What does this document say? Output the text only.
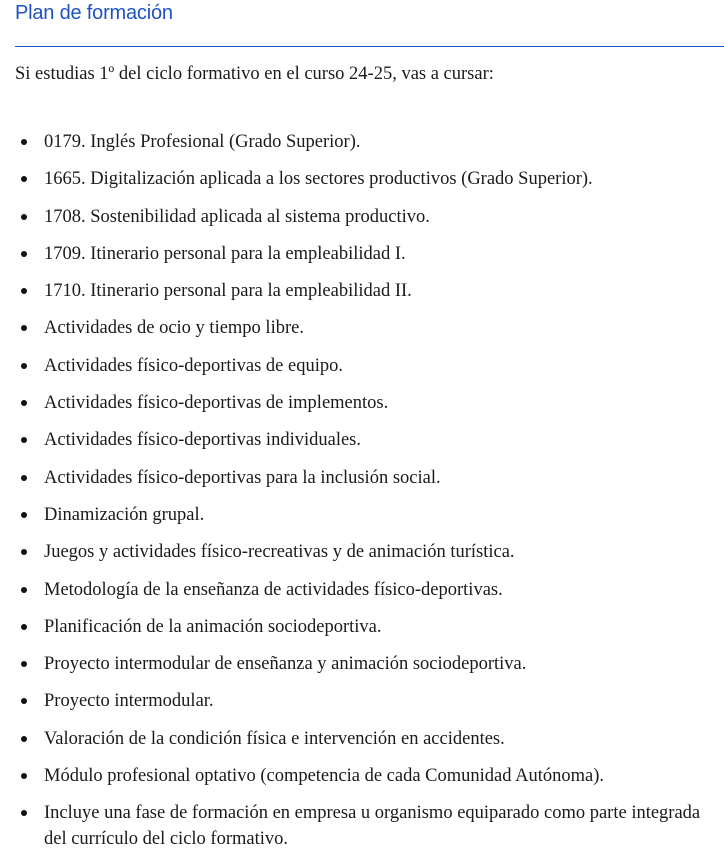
Plan de formación

Si estudias 1º del ciclo formativo en el curso 24-25, vas a cursar:

0179. Inglés Profesional (Grado Superior).
1665. Digitalización aplicada a los sectores productivos (Grado Superior).
1708. Sostenibilidad aplicada al sistema productivo.
1709. Itinerario personal para la empleabilidad I.
1710. Itinerario personal para la empleabilidad II.
Actividades de ocio y tiempo libre.
Actividades físico-deportivas de equipo.
Actividades físico-deportivas de implementos.
Actividades físico-deportivas individuales.
Actividades físico-deportivas para la inclusión social.
Dinamización grupal.
Juegos y actividades físico-recreativas y de animación turística.
Metodología de la enseñanza de actividades físico-deportivas.
Planificación de la animación sociodeportiva.
Proyecto intermodular de enseñanza y animación sociodeportiva.
Proyecto intermodular.
Valoración de la condición física e intervención en accidentes.
Módulo profesional optativo (competencia de cada Comunidad Autónoma).
Incluye una fase de formación en empresa u organismo equiparado como parte integrada del currículo del ciclo formativo.
